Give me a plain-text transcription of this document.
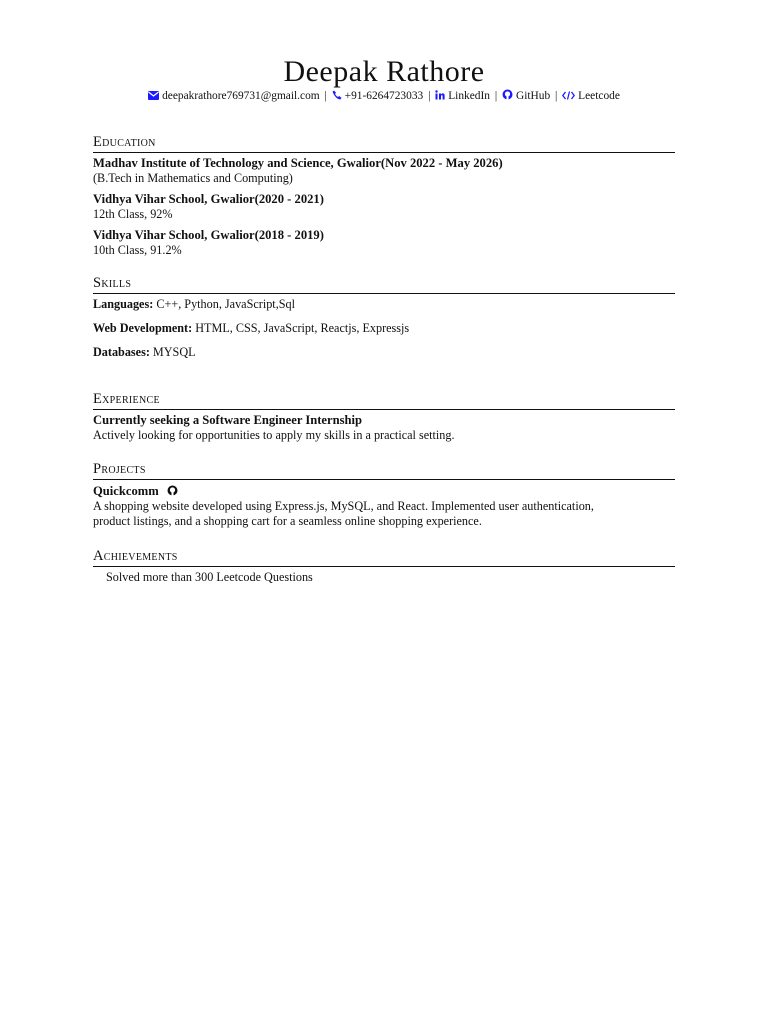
Deepak Rathore
deepakrathore769731@gmail.com | +91-6264723033 | LinkedIn | GitHub | Leetcode
Education
Madhav Institute of Technology and Science, Gwalior(Nov 2022 - May 2026)
(B.Tech in Mathematics and Computing)
Vidhya Vihar School, Gwalior(2020 - 2021)
12th Class, 92%
Vidhya Vihar School, Gwalior(2018 - 2019)
10th Class, 91.2%
Skills
Languages: C++, Python, JavaScript,Sql
Web Development: HTML, CSS, JavaScript, Reactjs, Expressjs
Databases: MYSQL
Experience
Currently seeking a Software Engineer Internship
Actively looking for opportunities to apply my skills in a practical setting.
Projects
Quickcomm
A shopping website developed using Express.js, MySQL, and React. Implemented user authentication,
product listings, and a shopping cart for a seamless online shopping experience.
Achievements
Solved more than 300 Leetcode Questions
